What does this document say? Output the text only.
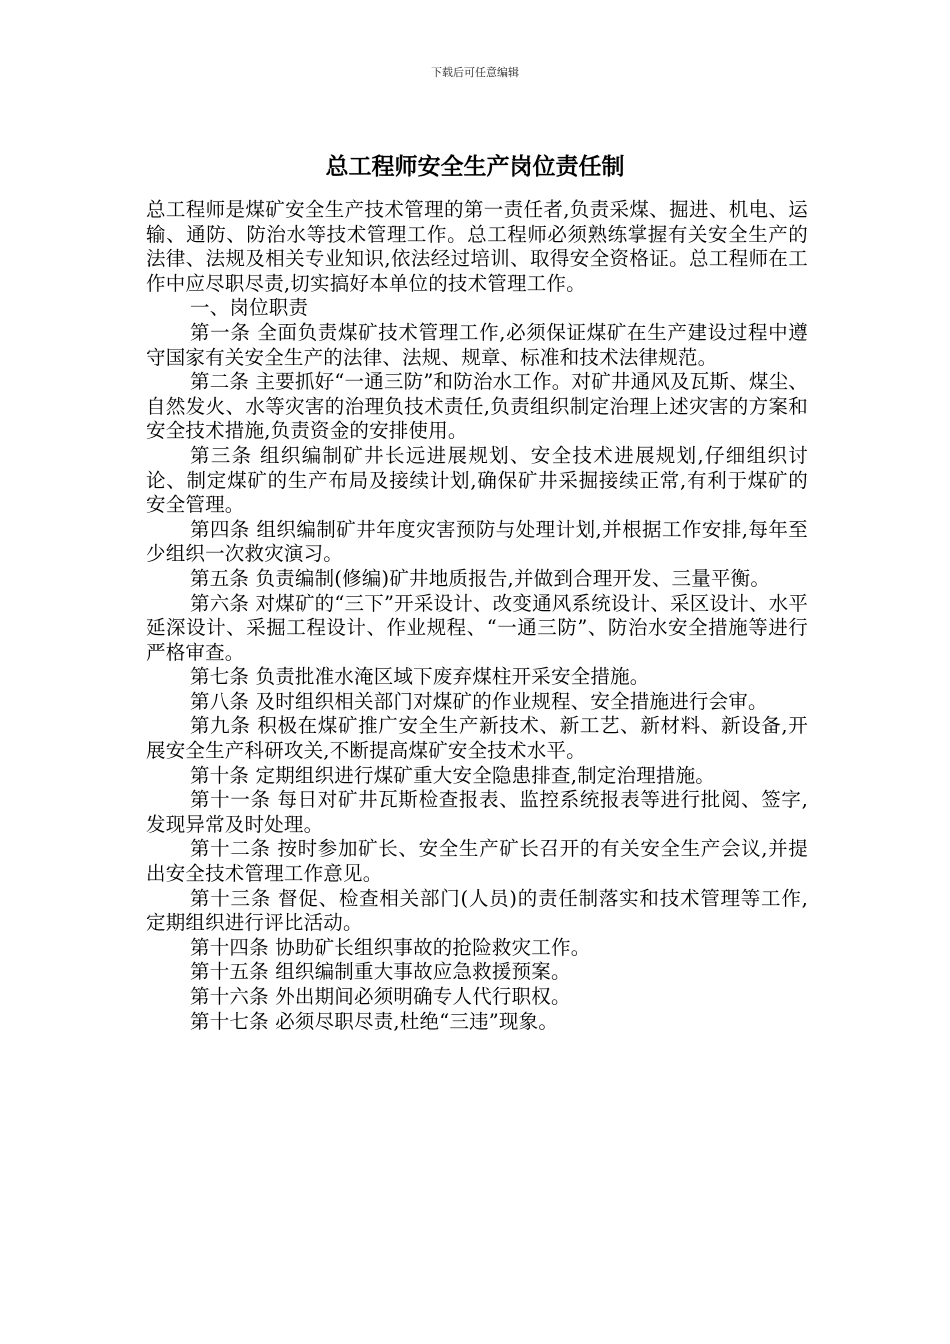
下载后可任意编辑
总工程师安全生产岗位责任制

总工程师是煤矿安全生产技术管理的第一责任者,负责采煤、掘进、机电、运输、通防、防治水等技术管理工作。总工程师必须熟练掌握有关安全生产的法律、法规及相关专业知识,依法经过培训、取得安全资格证。总工程师在工作中应尽职尽责,切实搞好本单位的技术管理工作。

一、岗位职责

第一条 全面负责煤矿技术管理工作,必须保证煤矿在生产建设过程中遵守国家有关安全生产的法律、法规、规章、标准和技术法律规范。

第二条 主要抓好“一通三防”和防治水工作。对矿井通风及瓦斯、煤尘、自然发火、水等灾害的治理负技术责任,负责组织制定治理上述灾害的方案和安全技术措施,负责资金的安排使用。

第三条 组织编制矿井长远进展规划、安全技术进展规划,仔细组织讨论、制定煤矿的生产布局及接续计划,确保矿井采掘接续正常,有利于煤矿的安全管理。

第四条 组织编制矿井年度灾害预防与处理计划,并根据工作安排,每年至少组织一次救灾演习。

第五条 负责编制(修编)矿井地质报告,并做到合理开发、三量平衡。

第六条 对煤矿的“三下”开采设计、改变通风系统设计、采区设计、水平延深设计、采掘工程设计、作业规程、“一通三防”、防治水安全措施等进行严格审查。

第七条 负责批准水淹区域下废弃煤柱开采安全措施。

第八条 及时组织相关部门对煤矿的作业规程、安全措施进行会审。

第九条 积极在煤矿推广安全生产新技术、新工艺、新材料、新设备,开展安全生产科研攻关,不断提高煤矿安全技术水平。

第十条 定期组织进行煤矿重大安全隐患排查,制定治理措施。

第十一条 每日对矿井瓦斯检查报表、监控系统报表等进行批阅、签字,发现异常及时处理。

第十二条 按时参加矿长、安全生产矿长召开的有关安全生产会议,并提出安全技术管理工作意见。

第十三条 督促、检查相关部门(人员)的责任制落实和技术管理等工作,定期组织进行评比活动。

第十四条 协助矿长组织事故的抢险救灾工作。

第十五条 组织编制重大事故应急救援预案。

第十六条 外出期间必须明确专人代行职权。

第十七条 必须尽职尽责,杜绝“三违”现象。
